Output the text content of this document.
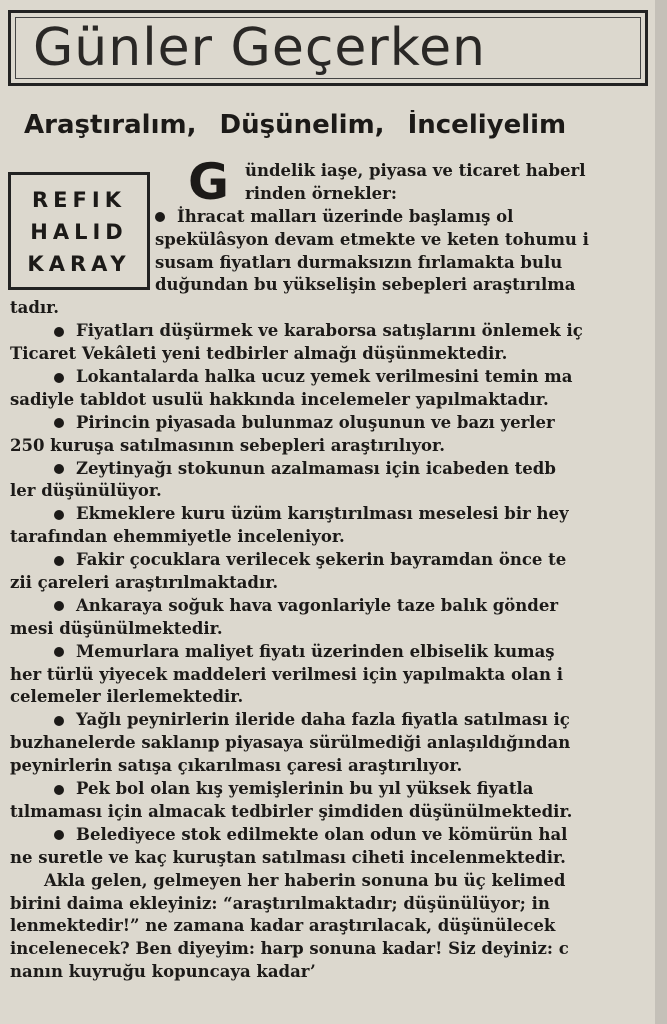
Günler Geçerken
Araştıralım, Düşünelim, İnceliyelim
REFIK
HALID
KARAY
G ündelik iaşe, piyasa ve ticaret haberl
rinden örnekler:
İhracat malları üzerinde başlamış ol
spekülâsyon devam etmekte ve keten tohumu i
susam fiyatları durmaksızın fırlamakta bulu
duğundan bu yükselişin sebepleri araştırılma
tadır.
Fiyatları düşürmek ve karaborsa satışlarını önlemek iç
Ticaret Vekâleti yeni tedbirler almağı düşünmektedir.
Lokantalarda halka ucuz yemek verilmesini temin ma
sadiyle tabldot usulü hakkında incelemeler yapılmaktadır.
Pirincin piyasada bulunmaz oluşunun ve bazı yerler
250 kuruşa satılmasının sebepleri araştırılıyor.
Zeytinyağı stokunun azalmaması için icabeden tedb
ler düşünülüyor.
Ekmeklere kuru üzüm karıştırılması meselesi bir hey
tarafından ehemmiyetle inceleniyor.
Fakir çocuklara verilecek şekerin bayramdan önce te
zii çareleri araştırılmaktadır.
Ankaraya soğuk hava vagonlariyle taze balık gönder
mesi düşünülmektedir.
Memurlara maliyet fiyatı üzerinden elbiselik kumaş
her türlü yiyecek maddeleri verilmesi için yapılmakta olan i
celemeler ilerlemektedir.
Yağlı peynirlerin ileride daha fazla fiyatla satılması iç
buzhanelerde saklanıp piyasaya sürülmediği anlaşıldığından
peynirlerin satışa çıkarılması çaresi araştırılıyor.
Pek bol olan kış yemişlerinin bu yıl yüksek fiyatla
tılmaması için almacak tedbirler şimdiden düşünülmektedir.
Belediyece stok edilmekte olan odun ve kömürün hal
ne suretle ve kaç kuruştan satılması ciheti incelenmektedir.
Akla gelen, gelmeyen her haberin sonuna bu üç kelimed
birini daima ekleyiniz: “araştırılmaktadır; düşünülüyor; in
lenmektedir!” ne zamana kadar araştırılacak, düşünülecek
incelenecek? Ben diyeyim: harp sonuna kadar! Siz deyiniz: c
nanın kuyruğu kopuncaya kadar’
